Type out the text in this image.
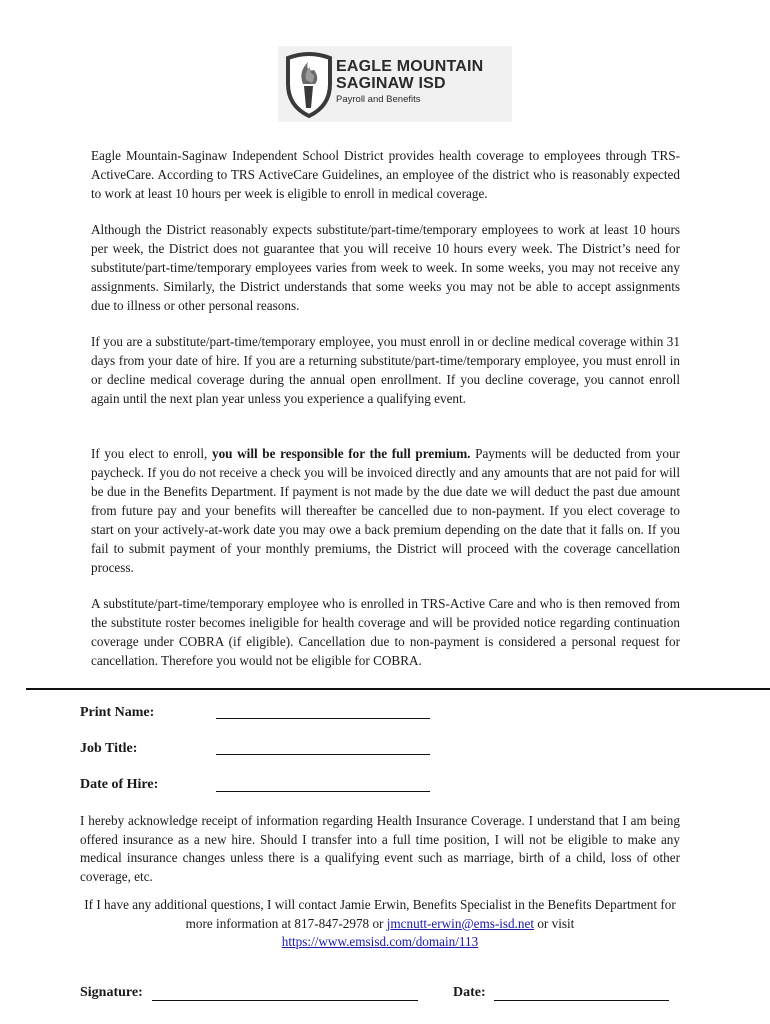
EAGLE MOUNTAIN
SAGINAW ISD
Payroll and Benefits

Eagle Mountain-Saginaw Independent School District provides health coverage to employees through TRS-ActiveCare. According to TRS ActiveCare Guidelines, an employee of the district who is reasonably expected to work at least 10 hours per week is eligible to enroll in medical coverage.

Although the District reasonably expects substitute/part-time/temporary employees to work at least 10 hours per week, the District does not guarantee that you will receive 10 hours every week. The District’s need for substitute/part-time/temporary employees varies from week to week. In some weeks, you may not receive any assignments. Similarly, the District understands that some weeks you may not be able to accept assignments due to illness or other personal reasons.

If you are a substitute/part-time/temporary employee, you must enroll in or decline medical coverage within 31 days from your date of hire. If you are a returning substitute/part-time/temporary employee, you must enroll in or decline medical coverage during the annual open enrollment. If you decline coverage, you cannot enroll again until the next plan year unless you experience a qualifying event.

If you elect to enroll, you will be responsible for the full premium. Payments will be deducted from your paycheck. If you do not receive a check you will be invoiced directly and any amounts that are not paid for will be due in the Benefits Department. If payment is not made by the due date we will deduct the past due amount from future pay and your benefits will thereafter be cancelled due to non-payment. If you elect coverage to start on your actively-at-work date you may owe a back premium depending on the date that it falls on. If you fail to submit payment of your monthly premiums, the District will proceed with the coverage cancellation process.

A substitute/part-time/temporary employee who is enrolled in TRS-Active Care and who is then removed from the substitute roster becomes ineligible for health coverage and will be provided notice regarding continuation coverage under COBRA (if eligible). Cancellation due to non-payment is considered a personal request for cancellation. Therefore you would not be eligible for COBRA.

Print Name:
Job Title:
Date of Hire:

I hereby acknowledge receipt of information regarding Health Insurance Coverage. I understand that I am being offered insurance as a new hire. Should I transfer into a full time position, I will not be eligible to make any medical insurance changes unless there is a qualifying event such as marriage, birth of a child, loss of other coverage, etc.

If I have any additional questions, I will contact Jamie Erwin, Benefits Specialist in the Benefits Department for more information at 817-847-2978 or jmcnutt-erwin@ems-isd.net or visit
https://www.emsisd.com/domain/113

Signature:	Date:
